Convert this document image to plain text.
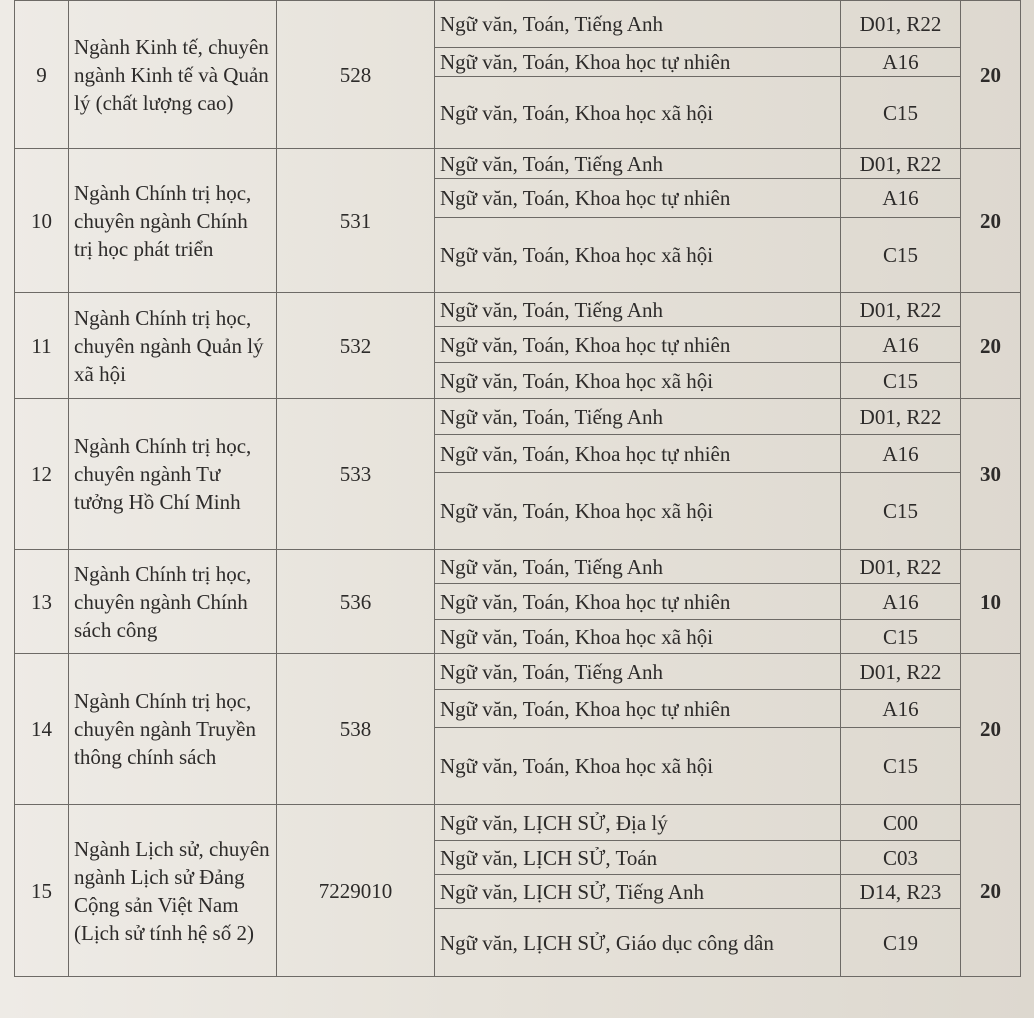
9	Ngành Kinh tế, chuyên ngành Kinh tế và Quản lý (chất lượng cao)	528	Ngữ văn, Toán, Tiếng Anh	D01, R22	20
			Ngữ văn, Toán, Khoa học tự nhiên	A16	
			Ngữ văn, Toán, Khoa học xã hội	C15	
10	Ngành Chính trị học, chuyên ngành Chính trị học phát triển	531	Ngữ văn, Toán, Tiếng Anh	D01, R22	20
			Ngữ văn, Toán, Khoa học tự nhiên	A16	
			Ngữ văn, Toán, Khoa học xã hội	C15	
11	Ngành Chính trị học, chuyên ngành Quản lý xã hội	532	Ngữ văn, Toán, Tiếng Anh	D01, R22	20
			Ngữ văn, Toán, Khoa học tự nhiên	A16	
			Ngữ văn, Toán, Khoa học xã hội	C15	
12	Ngành Chính trị học, chuyên ngành Tư tưởng Hồ Chí Minh	533	Ngữ văn, Toán, Tiếng Anh	D01, R22	30
			Ngữ văn, Toán, Khoa học tự nhiên	A16	
			Ngữ văn, Toán, Khoa học xã hội	C15	
13	Ngành Chính trị học, chuyên ngành Chính sách công	536	Ngữ văn, Toán, Tiếng Anh	D01, R22	10
			Ngữ văn, Toán, Khoa học tự nhiên	A16	
			Ngữ văn, Toán, Khoa học xã hội	C15	
14	Ngành Chính trị học, chuyên ngành Truyền thông chính sách	538	Ngữ văn, Toán, Tiếng Anh	D01, R22	20
			Ngữ văn, Toán, Khoa học tự nhiên	A16	
			Ngữ văn, Toán, Khoa học xã hội	C15	
15	Ngành Lịch sử, chuyên ngành Lịch sử Đảng Cộng sản Việt Nam (Lịch sử tính hệ số 2)	7229010	Ngữ văn, LỊCH SỬ, Địa lý	C00	20
			Ngữ văn, LỊCH SỬ, Toán	C03	
			Ngữ văn, LỊCH SỬ, Tiếng Anh	D14, R23	
			Ngữ văn, LỊCH SỬ, Giáo dục công dân	C19	
